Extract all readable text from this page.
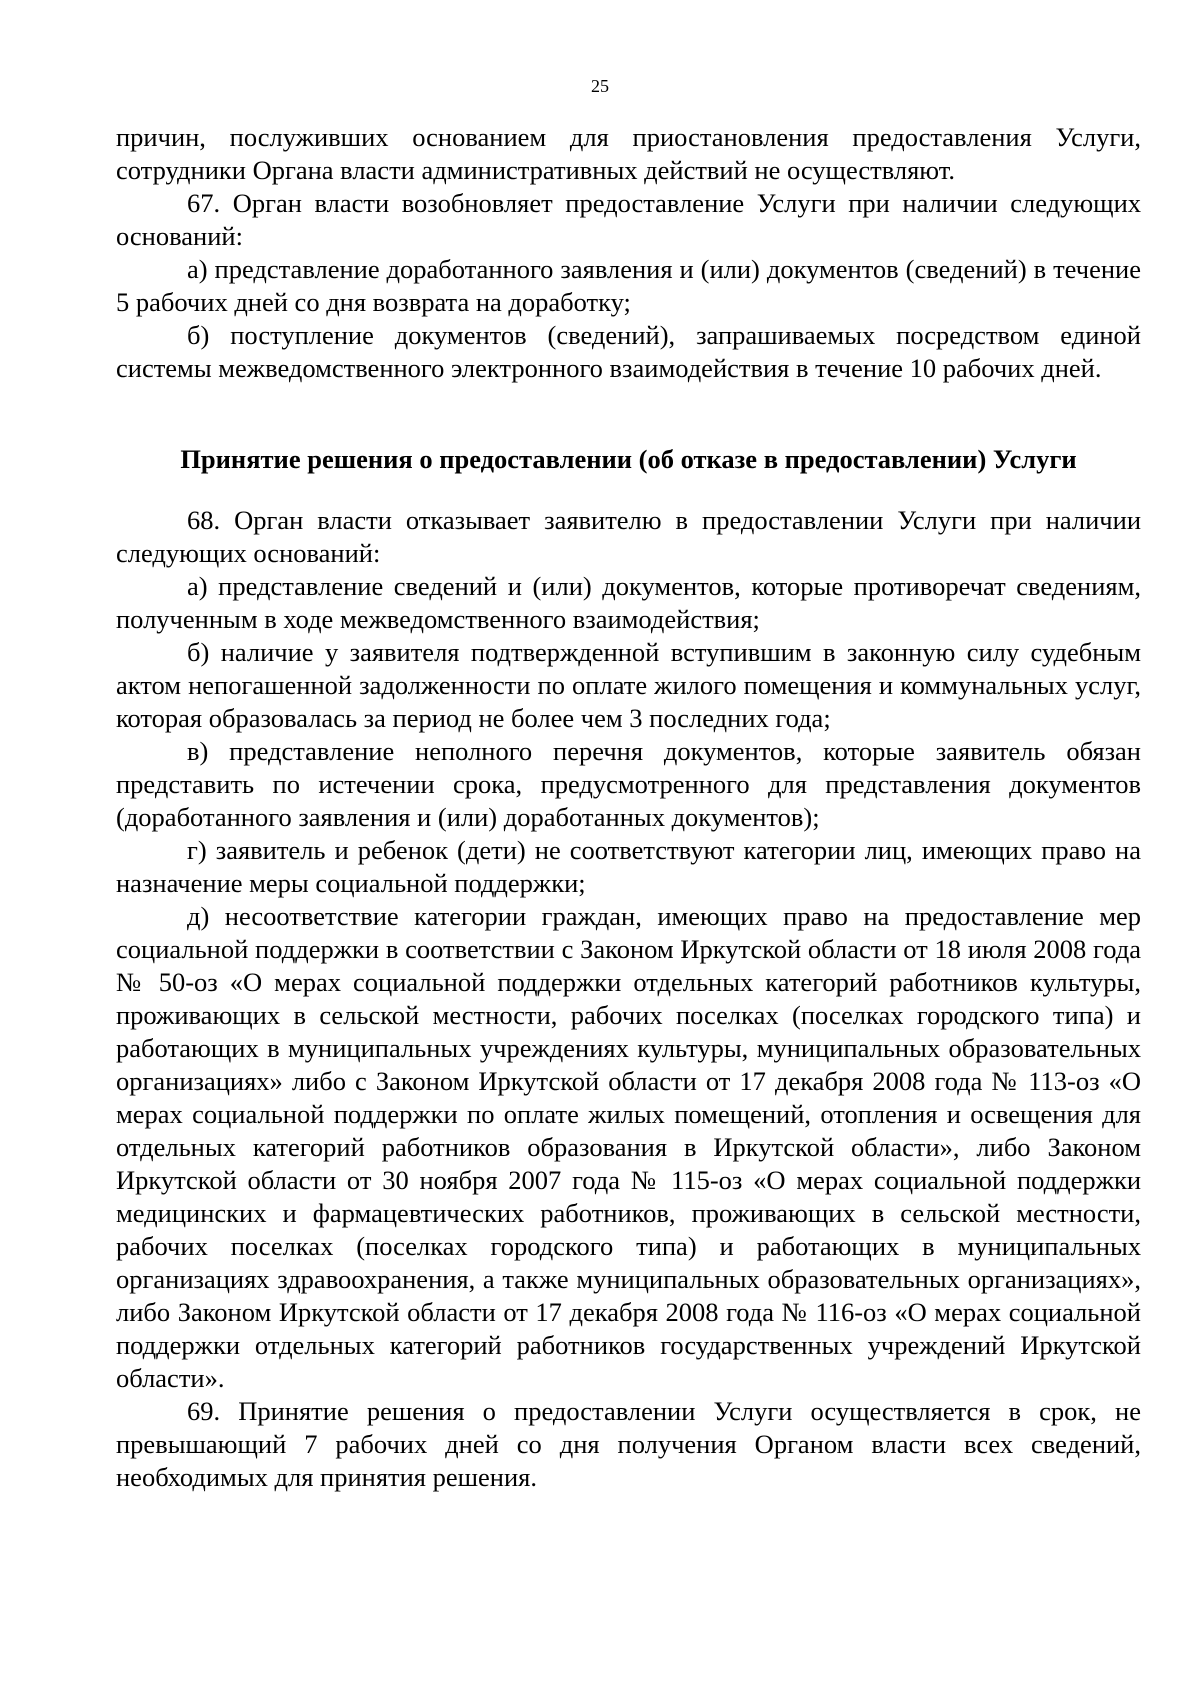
25

причин, послуживших основанием для приостановления предоставления Услуги, сотрудники Органа власти административных действий не осуществляют.

67. Орган власти возобновляет предоставление Услуги при наличии следующих оснований:

а) представление доработанного заявления и (или) документов (сведений) в течение 5 рабочих дней со дня возврата на доработку;

б) поступление документов (сведений), запрашиваемых посредством единой системы межведомственного электронного взаимодействия в течение 10 рабочих дней.

Принятие решения о предоставлении (об отказе в предоставлении) Услуги

68. Орган власти отказывает заявителю в предоставлении Услуги при наличии следующих оснований:

а) представление сведений и (или) документов, которые противоречат сведениям, полученным в ходе межведомственного взаимодействия;

б) наличие у заявителя подтвержденной вступившим в законную силу судебным актом непогашенной задолженности по оплате жилого помещения и коммунальных услуг, которая образовалась за период не более чем 3 последних года;

в) представление неполного перечня документов, которые заявитель обязан представить по истечении срока, предусмотренного для представления документов (доработанного заявления и (или) доработанных документов);

г) заявитель и ребенок (дети) не соответствуют категории лиц, имеющих право на назначение меры социальной поддержки;

д) несоответствие категории граждан, имеющих право на предоставление мер социальной поддержки в соответствии с Законом Иркутской области от 18 июля 2008 года № 50-оз «О мерах социальной поддержки отдельных категорий работников культуры, проживающих в сельской местности, рабочих поселках (поселках городского типа) и работающих в муниципальных учреждениях культуры, муниципальных образовательных организациях» либо с Законом Иркутской области от 17 декабря 2008 года № 113-оз «О мерах социальной поддержки по оплате жилых помещений, отопления и освещения для отдельных категорий работников образования в Иркутской области», либо Законом Иркутской области от 30 ноября 2007 года № 115-оз «О мерах социальной поддержки медицинских и фармацевтических работников, проживающих в сельской местности, рабочих поселках (поселках городского типа) и работающих в муниципальных организациях здравоохранения, а также муниципальных образовательных организациях», либо Законом Иркутской области от 17 декабря 2008 года № 116-оз «О мерах социальной поддержки отдельных категорий работников государственных учреждений Иркутской области».

69. Принятие решения о предоставлении Услуги осуществляется в срок, не превышающий 7 рабочих дней со дня получения Органом власти всех сведений, необходимых для принятия решения.
